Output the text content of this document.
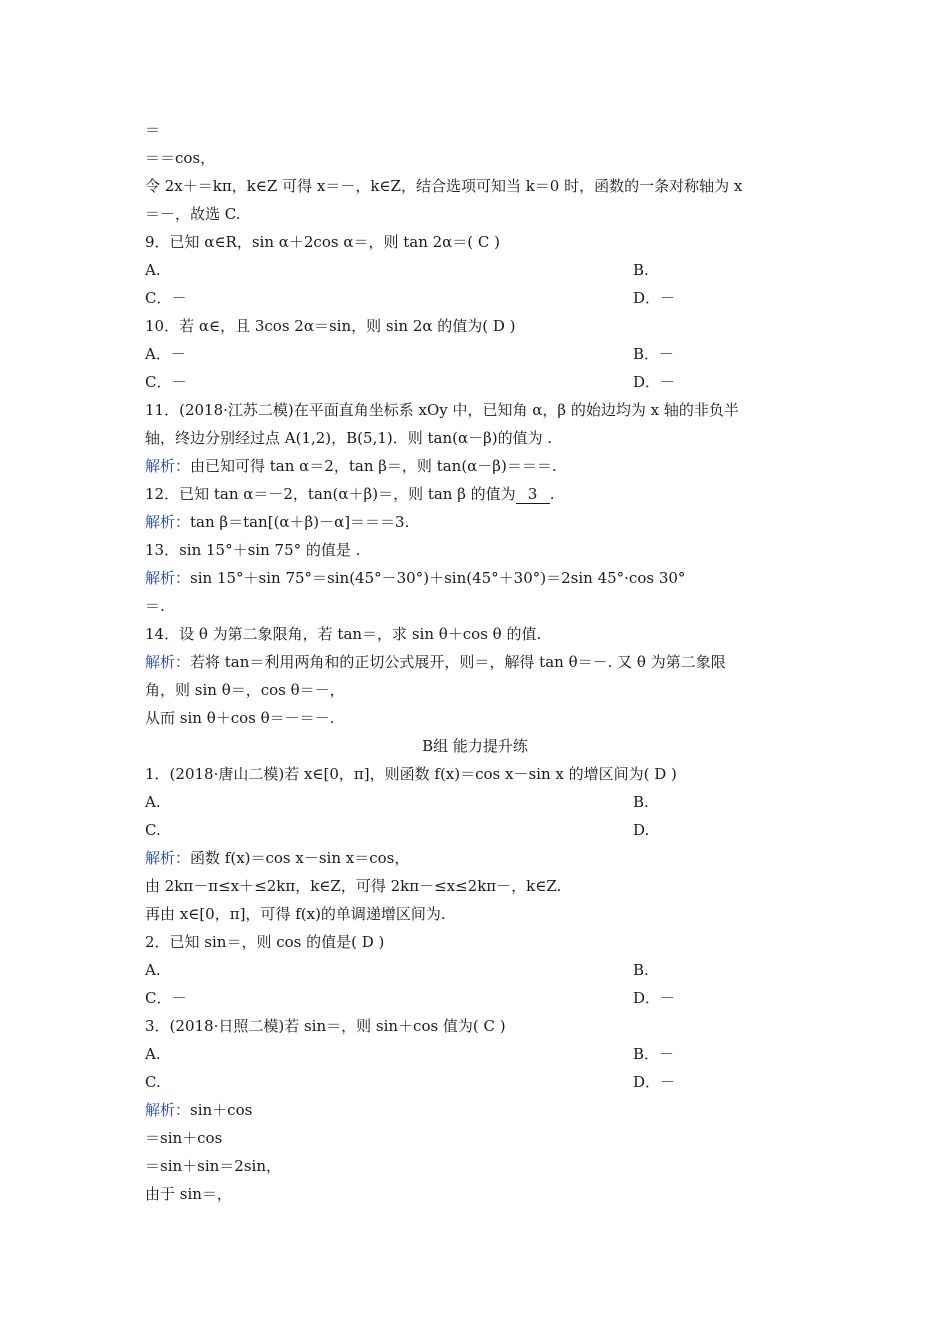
＝
＝＝cos，
令 2x＋＝kπ，k∈Z 可得 x＝－，k∈Z，结合选项可知当 k＝0 时，函数的一条对称轴为 x
＝－，故选 C.
9．已知 α∈R，sin α＋2cos α＝，则 tan 2α＝( C )
A.	B.
C．－	D．－
10．若 α∈，且 3cos 2α＝sin，则 sin 2α 的值为( D )
A．－	B．－
C．－	D．－
11．(2018·江苏二模)在平面直角坐标系 xOy 中，已知角 α，β 的始边均为 x 轴的非负半
轴，终边分别经过点 A(1,2)，B(5,1)．则 tan(α－β)的值为 .
解析：由已知可得 tan α＝2，tan β＝，则 tan(α－β)＝＝＝.
12．已知 tan α＝－2，tan(α＋β)＝，则 tan β 的值为 3 .
解析：tan β＝tan[(α＋β)－α]＝＝＝3.
13．sin 15°＋sin 75° 的值是 .
解析：sin 15°＋sin 75°＝sin(45°－30°)＋sin(45°＋30°)＝2sin 45°·cos 30°
＝.
14．设 θ 为第二象限角，若 tan＝，求 sin θ＋cos θ 的值.
解析：若将 tan＝利用两角和的正切公式展开，则＝，解得 tan θ＝－. 又 θ 为第二象限
角，则 sin θ＝，cos θ＝－，
从而 sin θ＋cos θ＝－＝－.
B组 能力提升练
1．(2018·唐山二模)若 x∈[0，π]，则函数 f(x)＝cos x－sin x 的增区间为( D )
A.	B.
C.	D.
解析：函数 f(x)＝cos x－sin x＝cos，
由 2kπ－π≤x＋≤2kπ，k∈Z，可得 2kπ－≤x≤2kπ－，k∈Z.
再由 x∈[0，π]，可得 f(x)的单调递增区间为.
2．已知 sin＝，则 cos 的值是( D )
A.	B.
C．－	D．－
3．(2018·日照二模)若 sin＝，则 sin＋cos 值为( C )
A.	B．－
C.	D．－
解析：sin＋cos
＝sin＋cos
＝sin＋sin＝2sin，
由于 sin＝，
